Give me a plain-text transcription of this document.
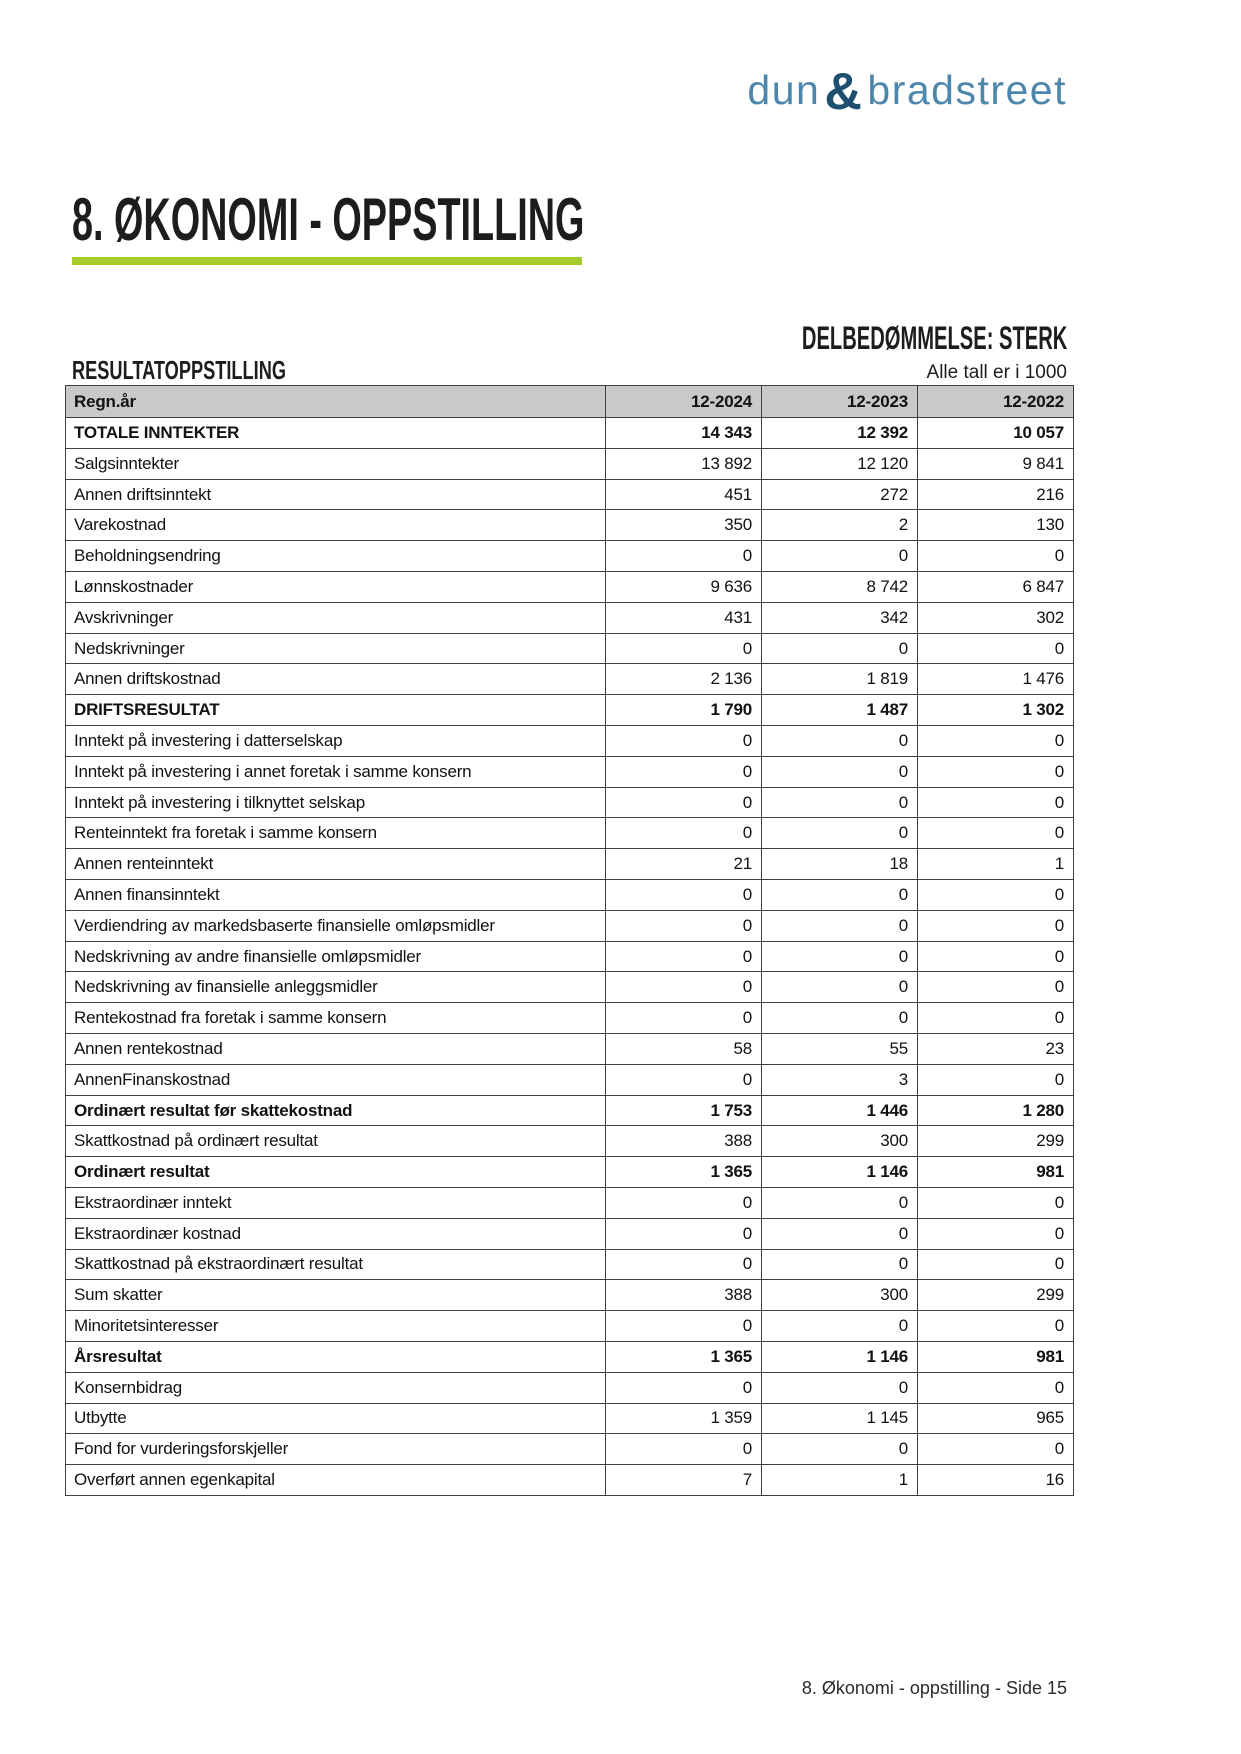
dun&bradstreet
8. ØKONOMI - OPPSTILLING
DELBEDØMMELSE: STERK
RESULTATOPPSTILLING	Alle tall er i 1000
Regn.år	12-2024	12-2023	12-2022
TOTALE INNTEKTER	14 343	12 392	10 057
Salgsinntekter	13 892	12 120	9 841
Annen driftsinntekt	451	272	216
Varekostnad	350	2	130
Beholdningsendring	0	0	0
Lønnskostnader	9 636	8 742	6 847
Avskrivninger	431	342	302
Nedskrivninger	0	0	0
Annen driftskostnad	2 136	1 819	1 476
DRIFTSRESULTAT	1 790	1 487	1 302
Inntekt på investering i datterselskap	0	0	0
Inntekt på investering i annet foretak i samme konsern	0	0	0
Inntekt på investering i tilknyttet selskap	0	0	0
Renteinntekt fra foretak i samme konsern	0	0	0
Annen renteinntekt	21	18	1
Annen finansinntekt	0	0	0
Verdiendring av markedsbaserte finansielle omløpsmidler	0	0	0
Nedskrivning av andre finansielle omløpsmidler	0	0	0
Nedskrivning av finansielle anleggsmidler	0	0	0
Rentekostnad fra foretak i samme konsern	0	0	0
Annen rentekostnad	58	55	23
AnnenFinanskostnad	0	3	0
Ordinært resultat før skattekostnad	1 753	1 446	1 280
Skattkostnad på ordinært resultat	388	300	299
Ordinært resultat	1 365	1 146	981
Ekstraordinær inntekt	0	0	0
Ekstraordinær kostnad	0	0	0
Skattkostnad på ekstraordinært resultat	0	0	0
Sum skatter	388	300	299
Minoritetsinteresser	0	0	0
Årsresultat	1 365	1 146	981
Konsernbidrag	0	0	0
Utbytte	1 359	1 145	965
Fond for vurderingsforskjeller	0	0	0
Overført annen egenkapital	7	1	16
8. Økonomi - oppstilling - Side 15
